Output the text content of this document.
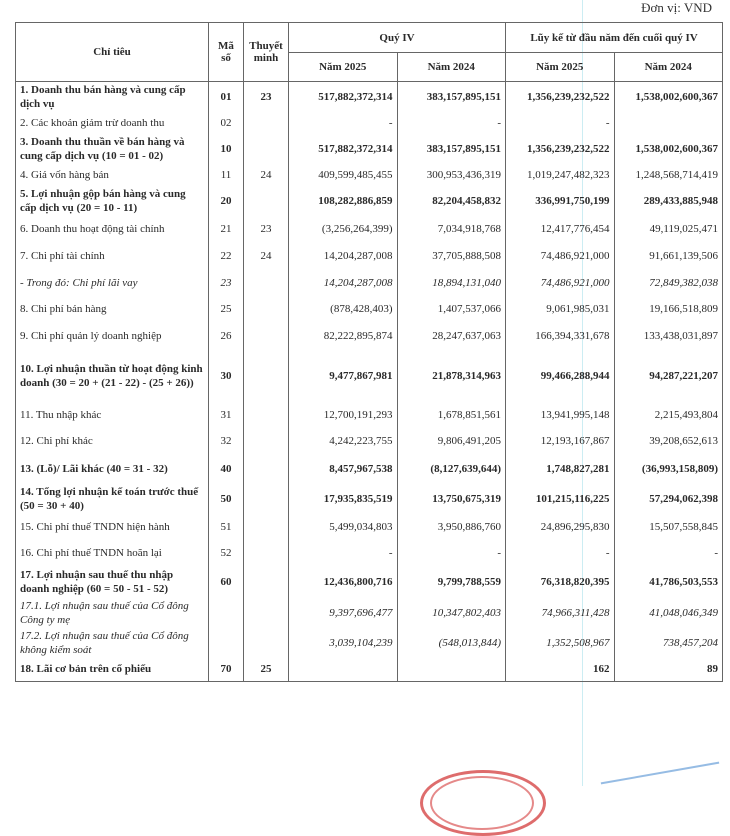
Đơn vị: VND
Chỉ tiêu	Mã số	Thuyết minh	Quý IV		Lũy kế từ đầu năm đến cuối quý IV	
			Năm 2025	Năm 2024	Năm 2025	Năm 2024
1. Doanh thu bán hàng và cung cấp dịch vụ	01	23	517,882,372,314	383,157,895,151	1,356,239,232,522	1,538,002,600,367
2. Các khoản giảm trừ doanh thu	02		-	-	-	
3. Doanh thu thuần về bán hàng và cung cấp dịch vụ (10 = 01 - 02)	10		517,882,372,314	383,157,895,151	1,356,239,232,522	1,538,002,600,367
4. Giá vốn hàng bán	11	24	409,599,485,455	300,953,436,319	1,019,247,482,323	1,248,568,714,419
5. Lợi nhuận gộp bán hàng và cung cấp dịch vụ (20 = 10 - 11)	20		108,282,886,859	82,204,458,832	336,991,750,199	289,433,885,948
6. Doanh thu hoạt động tài chính	21	23	(3,256,264,399)	7,034,918,768	12,417,776,454	49,119,025,471
7. Chi phí tài chính	22	24	14,204,287,008	37,705,888,508	74,486,921,000	91,661,139,506
- Trong đó: Chi phí lãi vay	23		14,204,287,008	18,894,131,040	74,486,921,000	72,849,382,038
8. Chi phí bán hàng	25		(878,428,403)	1,407,537,066	9,061,985,031	19,166,518,809
9. Chi phí quản lý doanh nghiệp	26		82,222,895,874	28,247,637,063	166,394,331,678	133,438,031,897
10. Lợi nhuận thuần từ hoạt động kinh doanh (30 = 20 + (21 - 22) - (25 + 26))	30		9,477,867,981	21,878,314,963	99,466,288,944	94,287,221,207
11. Thu nhập khác	31		12,700,191,293	1,678,851,561	13,941,995,148	2,215,493,804
12. Chi phí khác	32		4,242,223,755	9,806,491,205	12,193,167,867	39,208,652,613
13. (Lỗ)/ Lãi khác (40 = 31 - 32)	40		8,457,967,538	(8,127,639,644)	1,748,827,281	(36,993,158,809)
14. Tổng lợi nhuận kế toán trước thuế (50 = 30 + 40)	50		17,935,835,519	13,750,675,319	101,215,116,225	57,294,062,398
15. Chi phí thuế TNDN hiện hành	51		5,499,034,803	3,950,886,760	24,896,295,830	15,507,558,845
16. Chi phí thuế TNDN hoãn lại	52		-	-	-	-
17. Lợi nhuận sau thuế thu nhập doanh nghiệp (60 = 50 - 51 - 52)	60		12,436,800,716	9,799,788,559	76,318,820,395	41,786,503,553
17.1. Lợi nhuận sau thuế của Cổ đông Công ty mẹ			9,397,696,477	10,347,802,403	74,966,311,428	41,048,046,349
17.2. Lợi nhuận sau thuế của Cổ đông không kiểm soát			3,039,104,239	(548,013,844)	1,352,508,967	738,457,204
18. Lãi cơ bản trên cổ phiếu	70	25			162	89
